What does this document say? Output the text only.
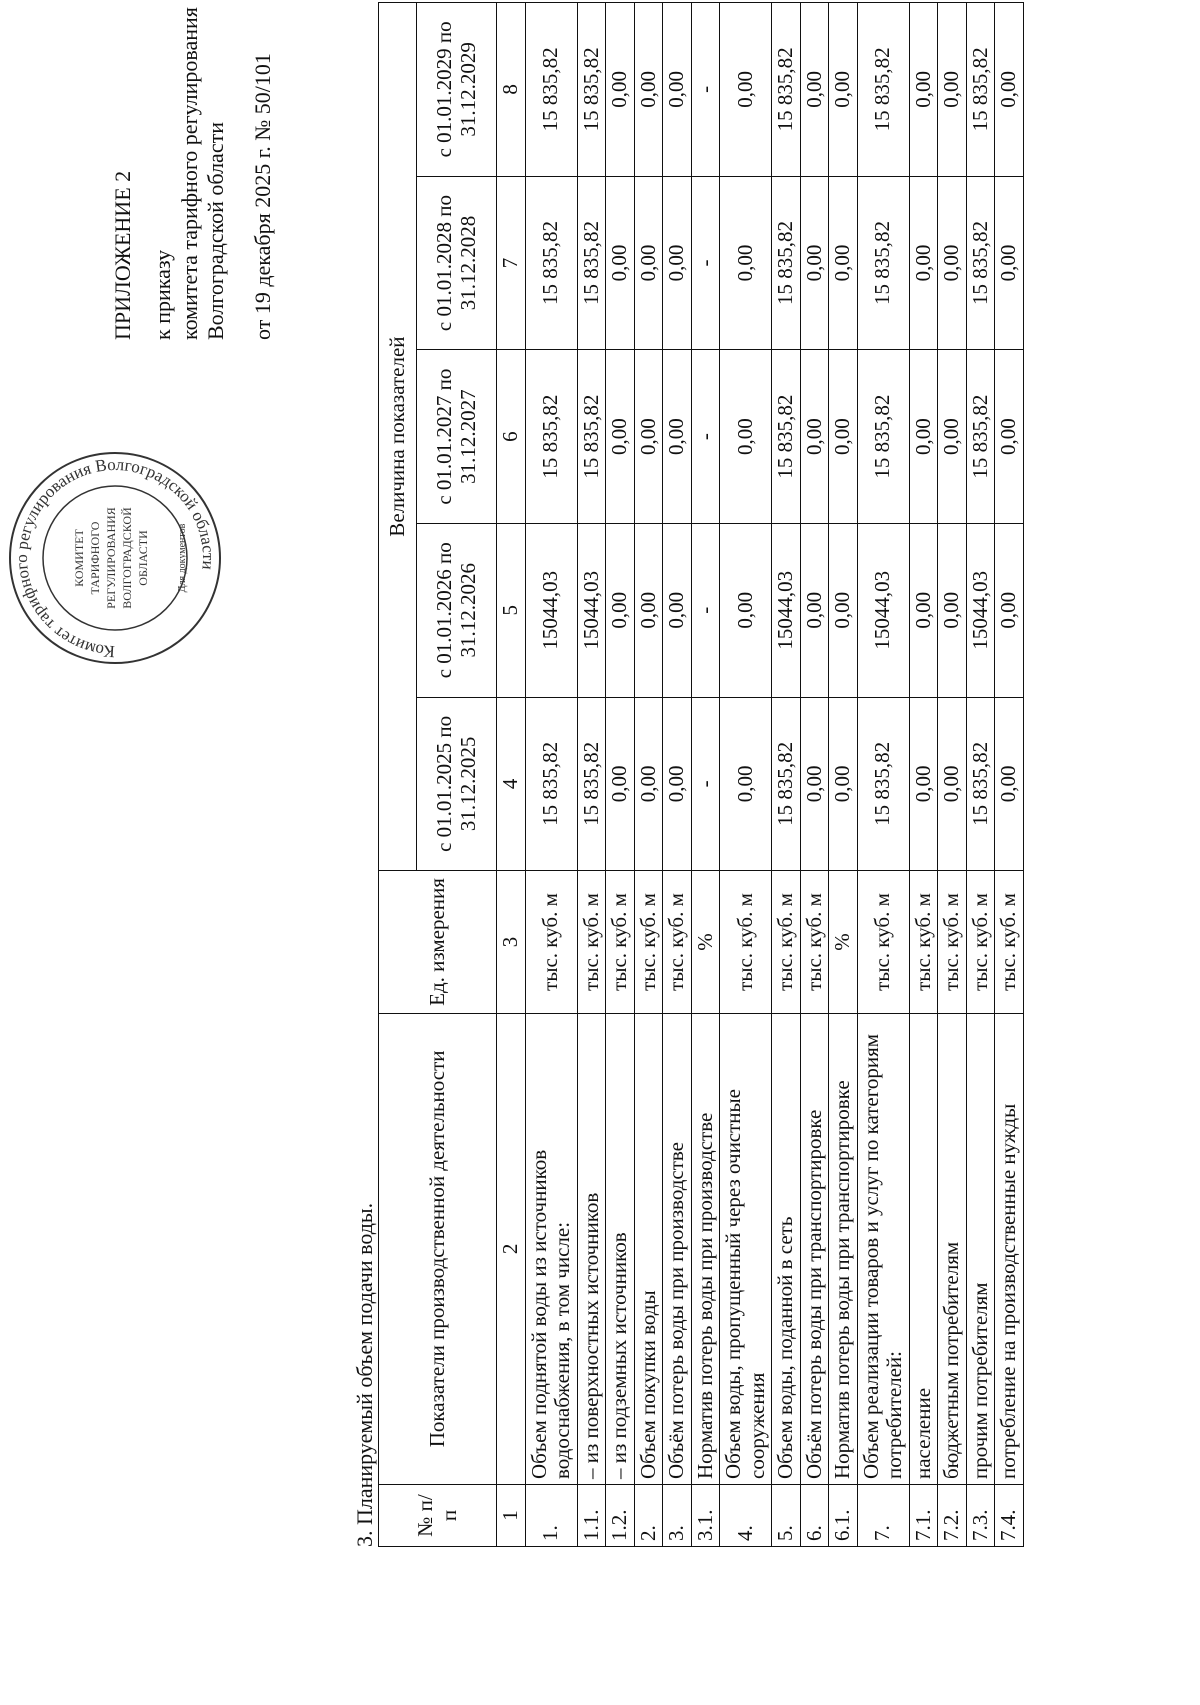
Комитет тарифного регулирования Волгоградской области
КОМИТЕТ ТАРИФНОГО РЕГУЛИРОВАНИЯ ВОЛГОГРАДСКОЙ ОБЛАСТИ	Для документов
ПРИЛОЖЕНИЕ 2 к приказу комитета тарифного регулирования Волгоградской области от 19 декабря 2025 г. № 50/101
3. Планируемый объем подачи воды. № п/п	Показатели производственной деятельности	Ед. измерения	Величина показателей				
			с 01.01.2025 по 31.12.2025	с 01.01.2026 по 31.12.2026	с 01.01.2027 по 31.12.2027	с 01.01.2028 по 31.12.2028	с 01.01.2029 по 31.12.2029
1	2	3	4	5	6	7	8
1.	Объем поднятой воды из источников водоснабжения, в том числе:	тыс. куб. м	15 835,82	15044,03	15 835,82	15 835,82	15 835,82
1.1.	– из поверхностных источников	тыс. куб. м	15 835,82	15044,03	15 835,82	15 835,82	15 835,82
1.2.	– из подземных источников	тыс. куб. м	0,00	0,00	0,00	0,00	0,00
2.	Объем покупки воды	тыс. куб. м	0,00	0,00	0,00	0,00	0,00
3.	Объём потерь воды при производстве	тыс. куб. м	0,00	0,00	0,00	0,00	0,00
3.1.	Норматив потерь воды при производстве	%	-	-	-	-	-
4.	Объем воды, пропущенный через очистные сооружения	тыс. куб. м	0,00	0,00	0,00	0,00	0,00
5.	Объем воды, поданной в сеть	тыс. куб. м	15 835,82	15044,03	15 835,82	15 835,82	15 835,82
6.	Объём потерь воды при транспортировке	тыс. куб. м	0,00	0,00	0,00	0,00	0,00
6.1.	Норматив потерь воды при транспортировке	%	0,00	0,00	0,00	0,00	0,00
7.	Объем реализации товаров и услуг по категориям потребителей:	тыс. куб. м	15 835,82	15044,03	15 835,82	15 835,82	15 835,82
7.1.	население	тыс. куб. м	0,00	0,00	0,00	0,00	0,00
7.2.	бюджетным потребителям	тыс. куб. м	0,00	0,00	0,00	0,00	0,00
7.3.	прочим потребителям	тыс. куб. м	15 835,82	15044,03	15 835,82	15 835,82	15 835,82
7.4.	потребление на производственные нужды	тыс. куб. м	0,00	0,00	0,00	0,00	0,00
